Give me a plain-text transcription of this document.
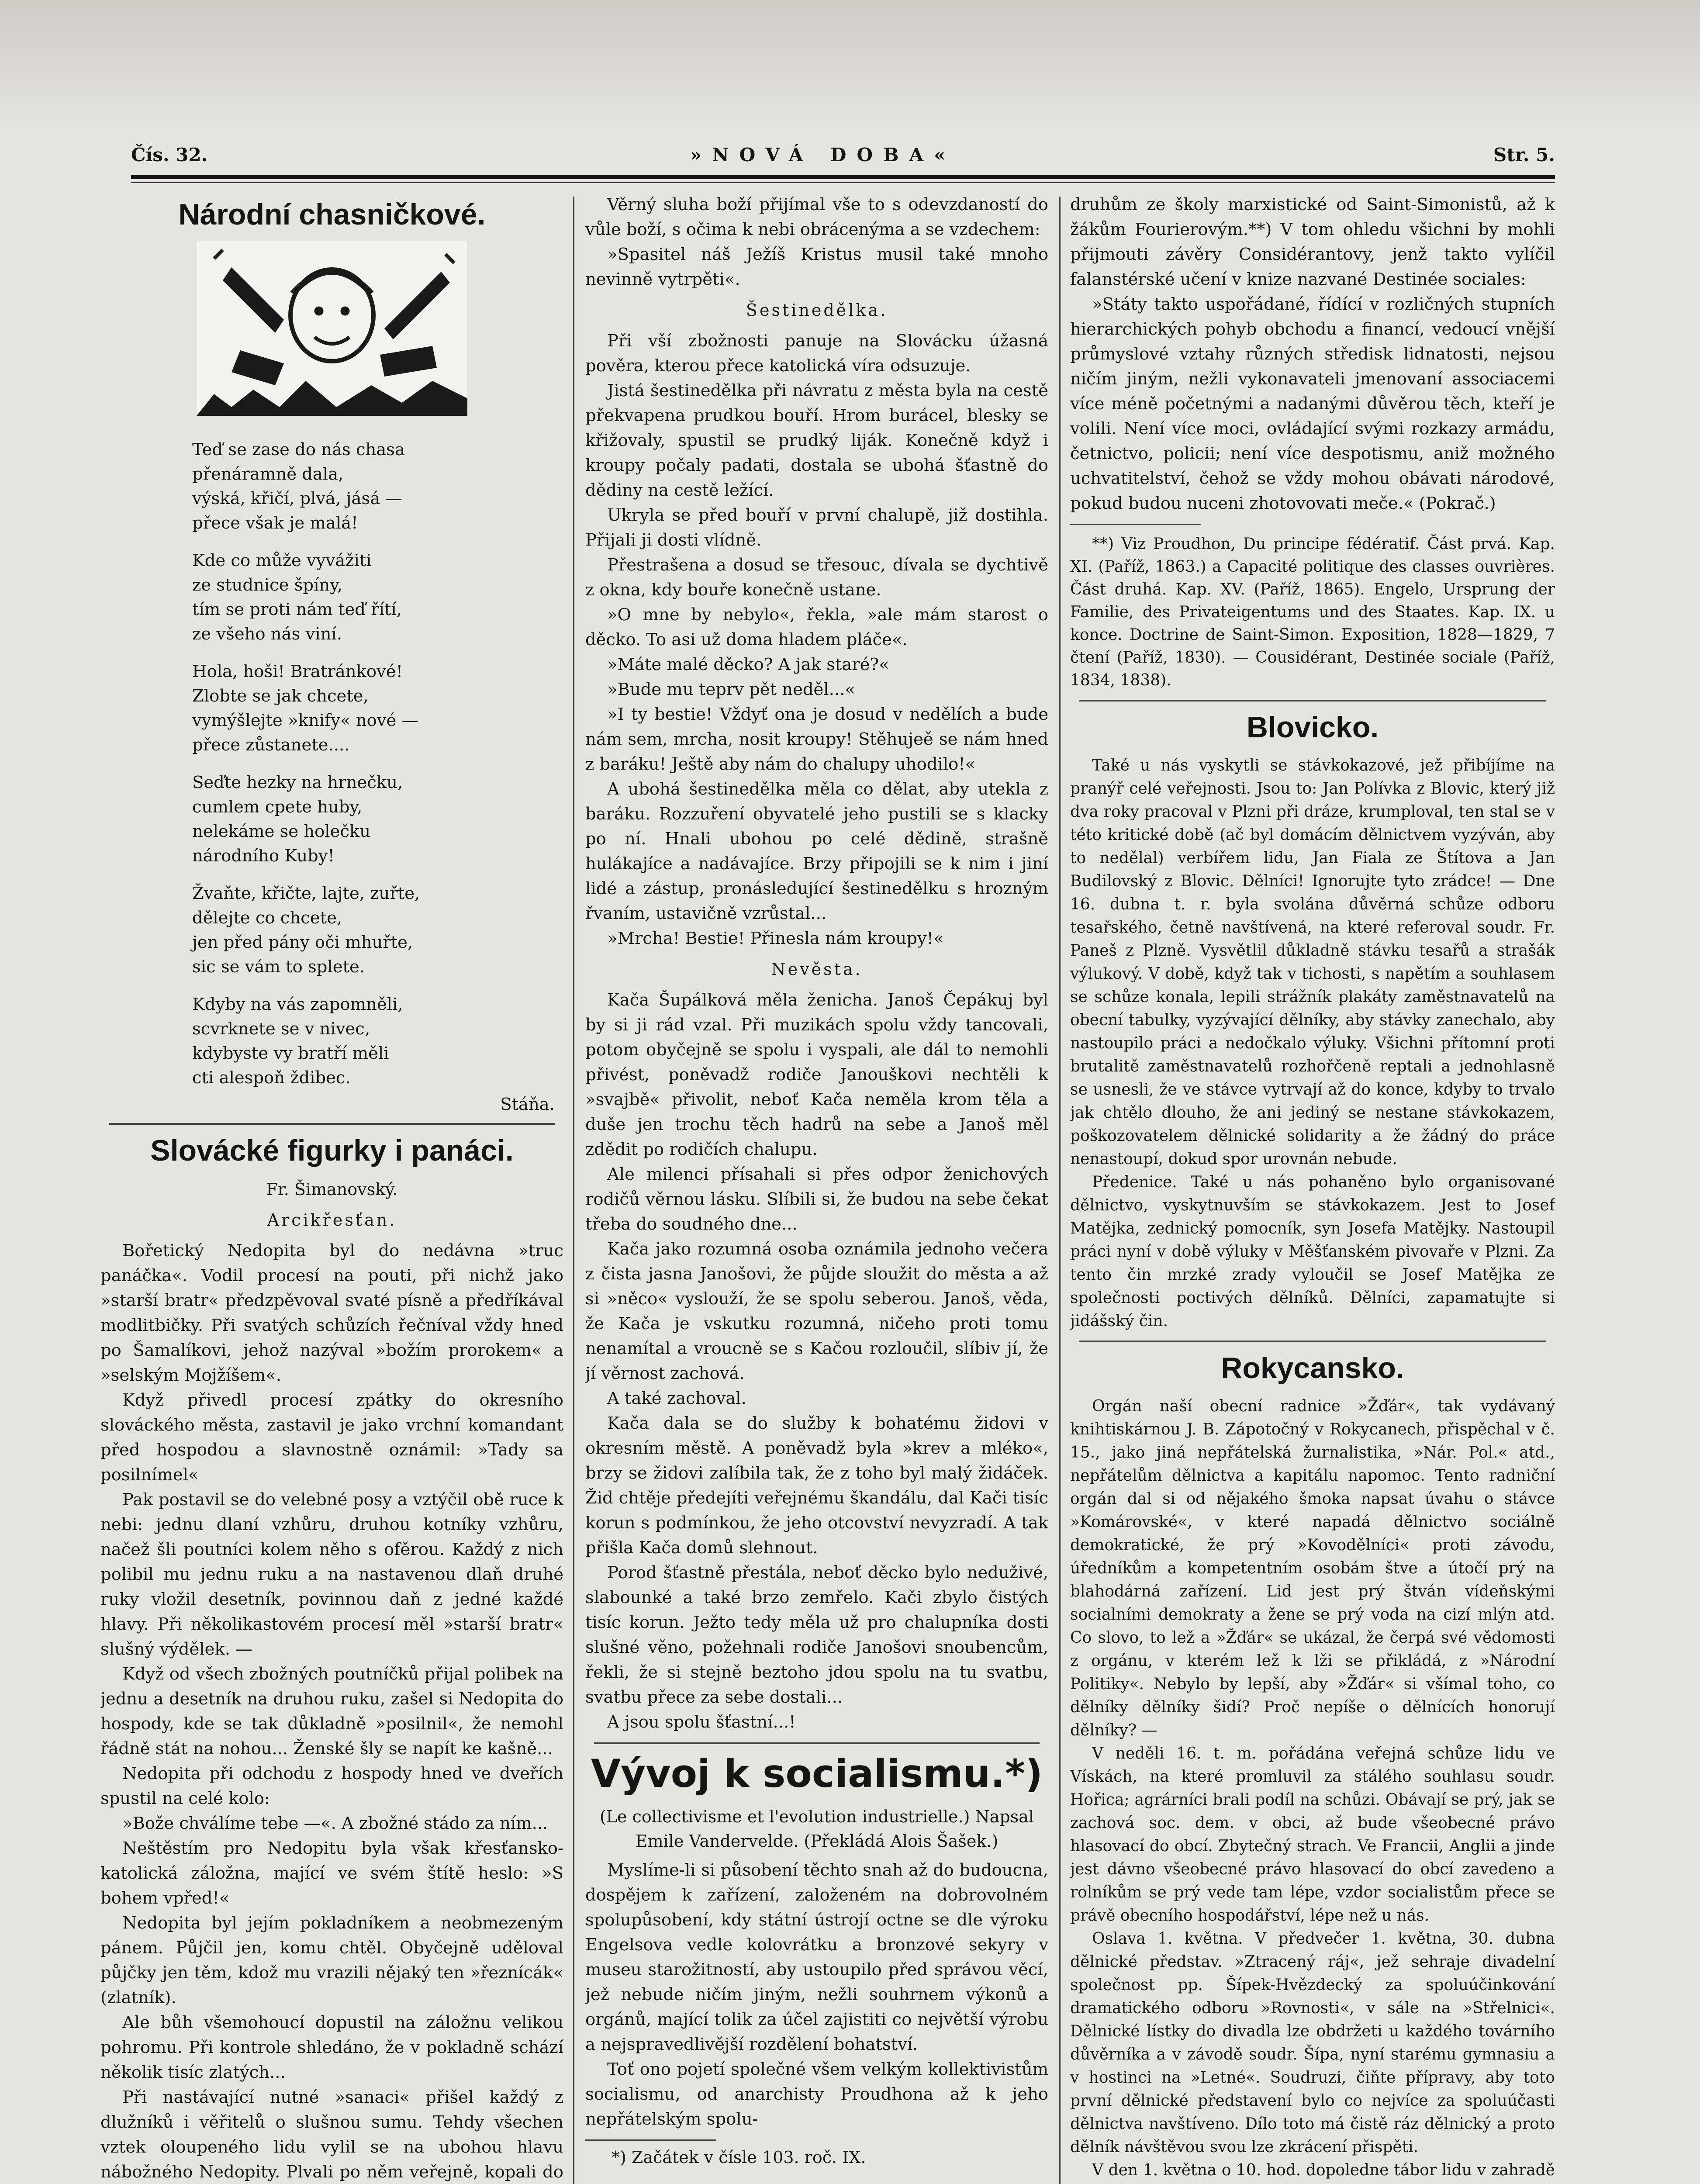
Čís. 32.	»NOVÁ DOBA«	Str. 5.
Národní chasničkové.
Teď se zase do nás chasa
přenáramně dala,
výská, křičí, plvá, jásá —
přece však je malá!
Kde co může vyvážiti
ze studnice špíny,
tím se proti nám teď řítí,
ze všeho nás viní.
Hola, hoši! Bratránkové!
Zlobte se jak chcete,
vymýšlejte »knify« nové —
přece zůstanete....
Seďte hezky na hrnečku,
cumlem cpete huby,
nelekáme se holečku
národního Kuby!
Žvaňte, křičte, lajte, zuřte,
dělejte co chcete,
jen před pány oči mhuřte,
sic se vám to splete.
Kdyby na vás zapomněli,
scvrknete se v nivec,
kdybyste vy bratří měli
cti alespoň ždibec.
Stáňa.
Slovácké figurky i panáci.
Fr. Šimanovský.
Arcikřesťan.

Bořetický Nedopita byl do nedávna »truc panáčka«. Vodil procesí na pouti, při nichž jako »starší bratr« předzpěvoval svaté písně a předříkával modlitbičky. Při svatých schůzích řečníval vždy hned po Šamalíkovi, jehož nazýval »božím prorokem« a »selským Mojžíšem«.

Když přivedl procesí zpátky do okresního slováckého města, zastavil je jako vrchní komandant před hospodou a slavnostně oznámil: »Tady sa posilnímel«

Pak postavil se do velebné posy a vztýčil obě ruce k nebi: jednu dlaní vzhůru, druhou kotníky vzhůru, načež šli poutníci kolem něho s ofěrou. Každý z nich polibil mu jednu ruku a na nastavenou dlaň druhé ruky vložil desetník, povinnou daň z jedné každé hlavy. Při několikastovém procesí měl »starší bratr« slušný výdělek. —

Když od všech zbožných poutníčků přijal polibek na jednu a desetník na druhou ruku, zašel si Nedopita do hospody, kde se tak důkladně »posilnil«, že nemohl řádně stát na nohou... Ženské šly se napít ke kašně...

Nedopita při odchodu z hospody hned ve dveřích spustil na celé kolo:

»Bože chválíme tebe —«. A zbožné stádo za ním...

Neštěstím pro Nedopitu byla však křesťansko-katolická záložna, mající ve svém štítě heslo: »S bohem vpřed!«

Nedopita byl jejím pokladníkem a neobmezeným pánem. Půjčil jen, komu chtěl. Obyčejně uděloval půjčky jen těm, kdož mu vrazili nějaký ten »řeznícák« (zlatník).

Ale bůh všemohoucí dopustil na záložnu velikou pohromu. Při kontrole shledáno, že v pokladně schází několik tisíc zlatých...

Při nastávající nutné »sanaci« přišel každý z dlužníků i věřitelů o slušnou sumu. Tehdy všechen vztek oloupeného lidu vylil se na ubohou hlavu nábožného Nedopity. Plvali po něm veřejně, kopali do

Věrný sluha boží přijímal vše to s odevzdaností do vůle boží, s očima k nebi obrácenýma a se vzdechem:

»Spasitel náš Ježíš Kristus musil také mnoho nevinně vytrpěti«.

Šestinedělka.

Při vší zbožnosti panuje na Slovácku úžasná pověra, kterou přece katolická víra odsuzuje.

Jistá šestinedělka při návratu z města byla na cestě překvapena prudkou bouří. Hrom burácel, blesky se křižovaly, spustil se prudký liják. Konečně když i kroupy počaly padati, dostala se ubohá šťastně do dědiny na cestě ležící.

Ukryla se před bouří v první chalupě, již dostihla. Přijali ji dosti vlídně.

Přestrašena a dosud se třesouc, dívala se dychtivě z okna, kdy bouře konečně ustane.

»O mne by nebylo«, řekla, »ale mám starost o děcko. To asi už doma hladem pláče«.

»Máte malé děcko? A jak staré?«

»Bude mu teprv pět neděl...«

»I ty bestie! Vždyť ona je dosud v nedělích a bude nám sem, mrcha, nosit kroupy! Stěhujeě se nám hned z baráku! Ještě aby nám do chalupy uhodilo!«

A ubohá šestinedělka měla co dělat, aby utekla z baráku. Rozzuření obyvatelé jeho pustili se s klacky po ní. Hnali ubohou po celé dědině, strašně hulákajíce a nadávajíce. Brzy připojili se k nim i jiní lidé a zástup, pronásledující šestinedělku s hrozným řvaním, ustavičně vzrůstal...

»Mrcha! Bestie! Přinesla nám kroupy!«

Nevěsta.

Kača Šupálková měla ženicha. Janoš Čepákuj byl by si ji rád vzal. Při muzikách spolu vždy tancovali, potom obyčejně se spolu i vyspali, ale dál to nemohli přivést, poněvadž rodiče Janouškovi nechtěli k »svajbě« přivolit, neboť Kača neměla krom těla a duše jen trochu těch hadrů na sebe a Janoš měl zdědit po rodičích chalupu.

Ale milenci přísahali si přes odpor ženichových rodičů věrnou lásku. Slíbili si, že budou na sebe čekat třeba do soudného dne...

Kača jako rozumná osoba oznámila jednoho večera z čista jasna Janošovi, že půjde sloužit do města a až si »něco« vyslouží, že se spolu seberou. Janoš, věda, že Kača je vskutku rozumná, ničeho proti tomu nenamítal a vroucně se s Kačou rozloučil, slíbiv jí, že jí věrnost zachová.

A také zachoval.

Kača dala se do služby k bohatému židovi v okresním městě. A poněvadž byla »krev a mléko«, brzy se židovi zalíbila tak, že z toho byl malý židáček. Žid chtěje předejíti veřejnému škandálu, dal Kači tisíc korun s podmínkou, že jeho otcovství nevyzradí. A tak přišla Kača domů slehnout.

Porod šťastně přestála, neboť děcko bylo neduživé, slabounké a také brzo zemřelo. Kači zbylo čistých tisíc korun. Ježto tedy měla už pro chalupníka dosti slušné věno, požehnali rodiče Janošovi snoubencům, řekli, že si stejně beztoho jdou spolu na tu svatbu, svatbu přece za sebe dostali...

A jsou spolu šťastní...!

Vývoj k socialismu.*)
(Le collectivisme et l'evolution industrielle.) Napsal Emile Vandervelde. (Překládá Alois Šašek.)

Myslíme-li si působení těchto snah až do budoucna, dospějem k zařízení, založeném na dobrovolném spolupůsobení, kdy státní ústrojí octne se dle výroku Engelsova vedle kolovrátku a bronzové sekyry v museu starožitností, aby ustoupilo před správou věcí, jež nebude ničím jiným, nežli souhrnem výkonů a orgánů, mající tolik za účel zajistiti co největší výrobu a nejspravedlivější rozdělení bohatství.

Toť ono pojetí společné všem velkým kollektivistům socialismu, od anarchisty Proudhona až k jeho nepřátelským spolu-

*) Začátek v čísle 103. roč. IX.

druhům ze školy marxistické od Saint-Simonistů, až k žákům Fourierovým.**) V tom ohledu všichni by mohli přijmouti závěry Considérantovy, jenž takto vylíčil falanstérské učení v knize nazvané Destinée sociales:

»Státy takto uspořádané, řídící v rozličných stupních hierarchických pohyb obchodu a financí, vedoucí vnější průmyslové vztahy různých středisk lidnatosti, nejsou ničím jiným, nežli vykonavateli jmenovaní associacemi více méně početnými a nadanými důvěrou těch, kteří je volili. Není více moci, ovládající svými rozkazy armádu, četnictvo, policii; není více despotismu, aniž možného uchvatitelství, čehož se vždy mohou obávati národové, pokud budou nuceni zhotovovati meče.« (Pokrač.)

**) Viz Proudhon, Du principe fédératif. Část prvá. Kap. XI. (Paříž, 1863.) a Capacité politique des classes ouvrières. Část druhá. Kap. XV. (Paříž, 1865). Engelo, Ursprung der Familie, des Privateigentums und des Staates. Kap. IX. u konce. Doctrine de Saint-Simon. Exposition, 1828—1829, 7 čtení (Paříž, 1830). — Cousidérant, Destinée sociale (Paříž, 1834, 1838).

Blovicko.

Také u nás vyskytli se stávkokazové, jež přibíjíme na pranýř celé veřejnosti. Jsou to: Jan Polívka z Blovic, který již dva roky pracoval v Plzni při dráze, krumploval, ten stal se v této kritické době (ač byl domácím dělnictvem vyzýván, aby to nedělal) verbířem lidu, Jan Fiala ze Štítova a Jan Budilovský z Blovic. Dělníci! Ignorujte tyto zrádce! — Dne 16. dubna t. r. byla svolána důvěrná schůze odboru tesařského, četně navštívená, na které referoval soudr. Fr. Paneš z Plzně. Vysvětlil důkladně stávku tesařů a strašák výlukový. V době, když tak v tichosti, s napětím a souhlasem se schůze konala, lepili strážník plakáty zaměstnavatelů na obecní tabulky, vyzývající dělníky, aby stávky zanechalo, aby nastoupilo práci a nedočkalo výluky. Všichni přítomní proti brutalitě zaměstnavatelů rozhořčeně reptali a jednohlasně se usnesli, že ve stávce vytrvají až do konce, kdyby to trvalo jak chtělo dlouho, že ani jediný se nestane stávkokazem, poškozovatelem dělnické solidarity a že žádný do práce nenastoupí, dokud spor urovnán nebude.

Předenice. Také u nás pohaněno bylo organisované dělnictvo, vyskytnuvším se stávkokazem. Jest to Josef Matějka, zednický pomocník, syn Josefa Matějky. Nastoupil práci nyní v době výluky v Měšťanském pivovaře v Plzni. Za tento čin mrzké zrady vyloučil se Josef Matějka ze společnosti poctivých dělníků. Dělníci, zapamatujte si jidášský čin.

Rokycansko.

Orgán naší obecní radnice »Žďár«, tak vydávaný knihtiskárnou J. B. Zápotočný v Rokycanech, přispěchal v č. 15., jako jiná nepřátelská žurnalistika, »Nár. Pol.« atd., nepřátelům dělnictva a kapitálu napomoc. Tento radniční orgán dal si od nějakého šmoka napsat úvahu o stávce »Komárovské«, v které napadá dělnictvo sociálně demokratické, že prý »Kovodělníci« proti závodu, úředníkům a kompetentním osobám štve a útočí prý na blahodárná zařízení. Lid jest prý štván vídeňskými socialními demokraty a žene se prý voda na cizí mlýn atd. Co slovo, to lež a »Žďár« se ukázal, že čerpá své vědomosti z orgánu, v kterém lež k lži se přikládá, z »Národní Politiky«. Nebylo by lepší, aby »Žďár« si všímal toho, co dělníky dělníky šidí? Proč nepíše o dělnících honorují dělníky? —

V neděli 16. t. m. pořádána veřejná schůze lidu ve Vískách, na které promluvil za stálého souhlasu soudr. Hořica; agrárníci brali podíl na schůzi. Obávají se prý, jak se zachová soc. dem. v obci, až bude všeobecné právo hlasovací do obcí. Zbytečný strach. Ve Francii, Anglii a jinde jest dávno všeobecné právo hlasovací do obcí zavedeno a rolníkům se prý vede tam lépe, vzdor socialistům přece se právě obecního hospodářství, lépe než u nás.

Oslava 1. května. V předvečer 1. května, 30. dubna dělnické představ. »Ztracený ráj«, jež sehraje divadelní společnost pp. Šípek-Hvězdecký za spoluúčinkování dramatického odboru »Rovnosti«, v sále na »Střelnici«. Dělnické lístky do divadla lze obdržeti u každého továrního důvěrníka a v závodě soudr. Šípa, nyní starému gymnasiu a v hostinci na »Letné«. Soudruzi, čiňte přípravy, aby toto první dělnické představení bylo co nejvíce za spoluúčasti dělnictva navštíveno. Dílo toto má čistě ráz dělnický a proto dělník návštěvou svou lze zkrácení přispěti.

V den 1. května o 10. hod. dopoledne tábor lidu v zahradě
